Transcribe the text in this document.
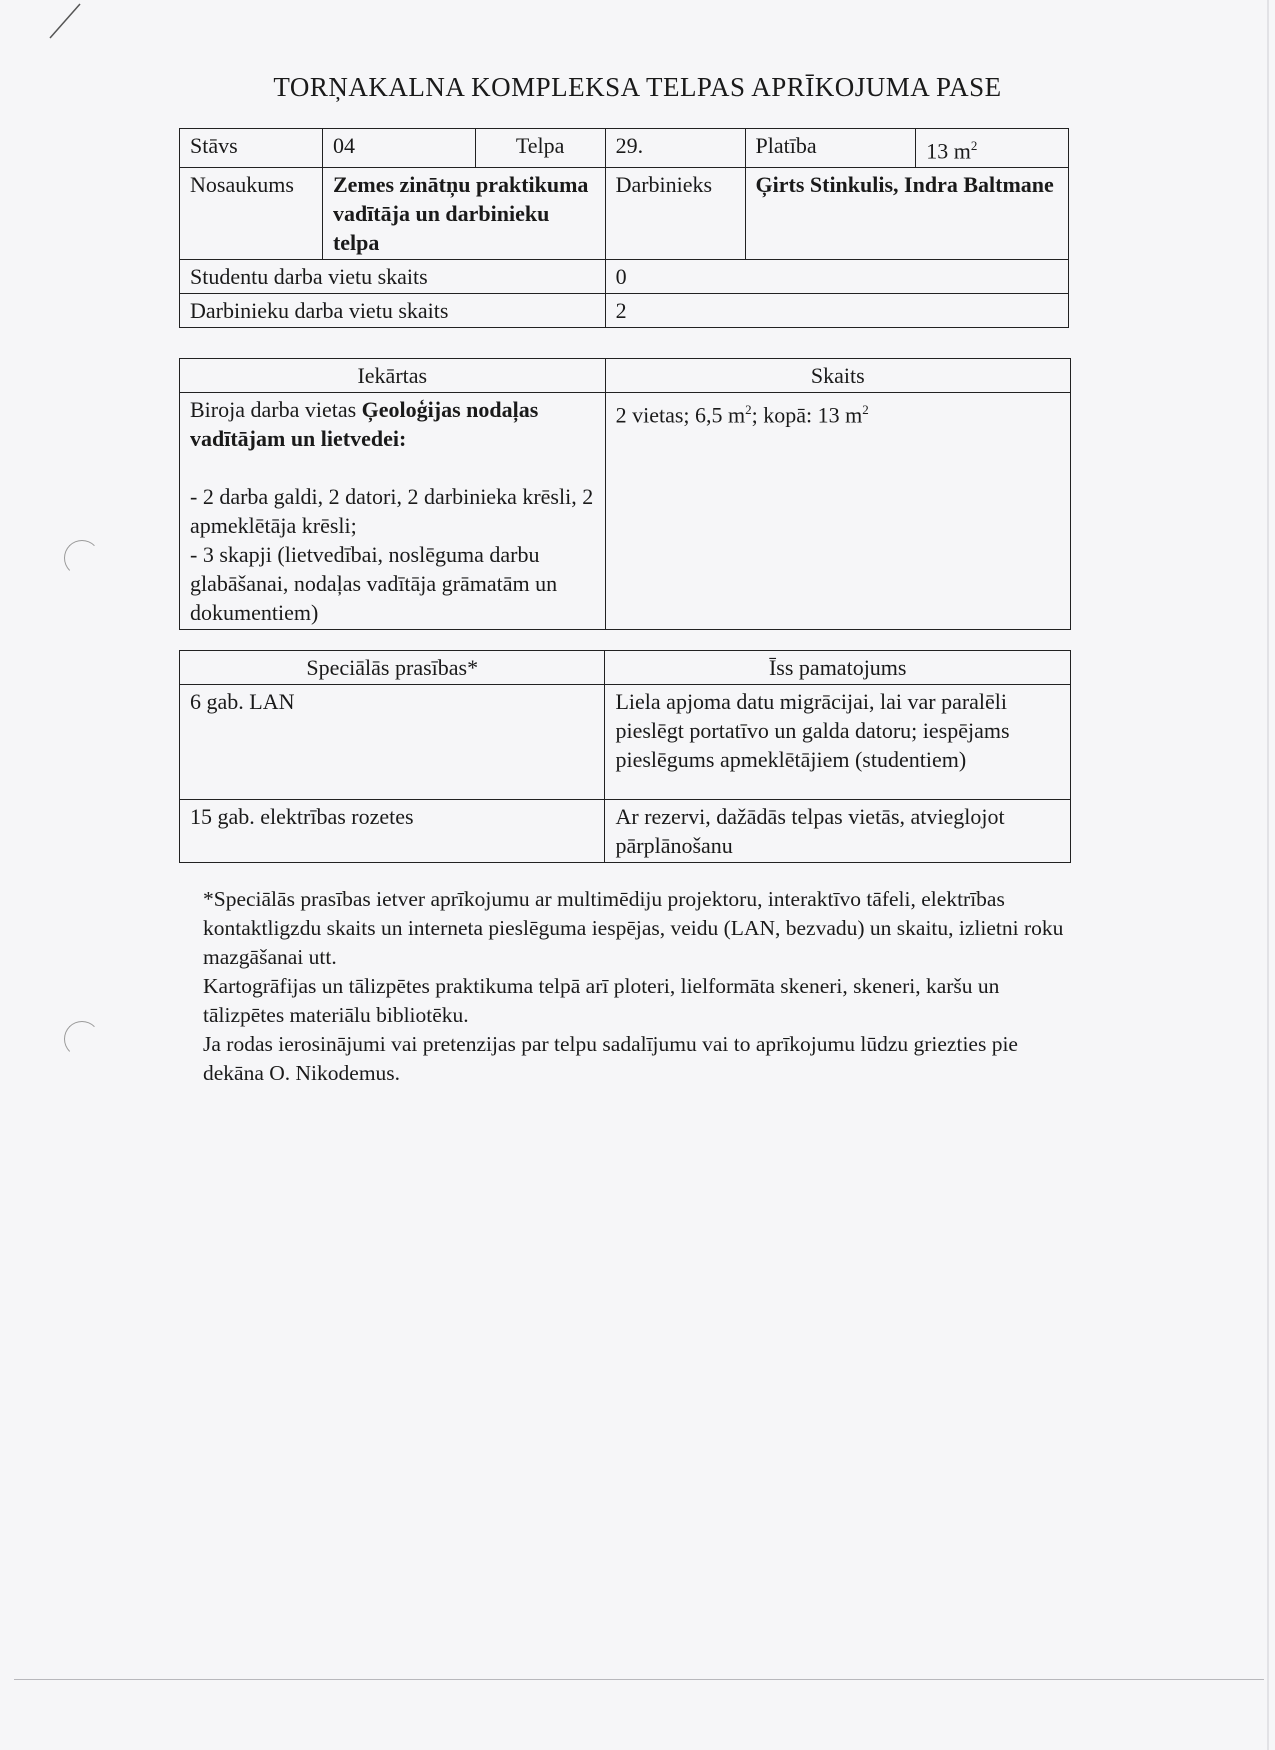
TORŅAKALNA KOMPLEKSA TELPAS APRĪKOJUMA PASE
Stāvs	04	Telpa	29.	Platība	13 $m^2$
Nosaukums	Zemes zinātņu praktikuma vadītāja un darbinieku telpa		Darbinieks	Ģirts Stinkulis, Indra Baltmane	
Studentu darba vietu skaits			0		
Darbinieku darba vietu skaits			2		
Iekārtas	Skaits

Biroja darba vietas Ģeoloģijas nodaļas vadītājam un lietvedei:
- 2 darba galdi, 2 datori, 2 darbinieka krēsli, 2 apmeklētāja krēsli;
- 3 skapji (lietvedībai, noslēguma darbu glabāšanai, nodaļas vadītāja grāmatām un dokumentiem)	2 vietas; 6,5 $m^2$; kopā: 13 $m^2$
Speciālās prasības*	Īss pamatojums
6 gab. LAN	Liela apjoma datu migrācijai, lai var paralēli pieslēgt portatīvo un galda datoru; iespējams pieslēgums apmeklētājiem (studentiem)
15 gab. elektrības rozetes	Ar rezervi, dažādās telpas vietās, atvieglojot pārplānošanu

*Speciālās prasības ietver aprīkojumu ar multimēdiju projektoru, interaktīvo tāfeli, elektrības kontaktligzdu skaits un interneta pieslēguma iespējas, veidu (LAN, bezvadu) un skaitu, izlietni roku mazgāšanai utt.

Kartogrāfijas un tālizpētes praktikuma telpā arī ploteri, lielformāta skeneri, skeneri, karšu un tālizpētes materiālu bibliotēku.

Ja rodas ierosinājumi vai pretenzijas par telpu sadalījumu vai to aprīkojumu lūdzu griezties pie dekāna O. Nikodemus.
